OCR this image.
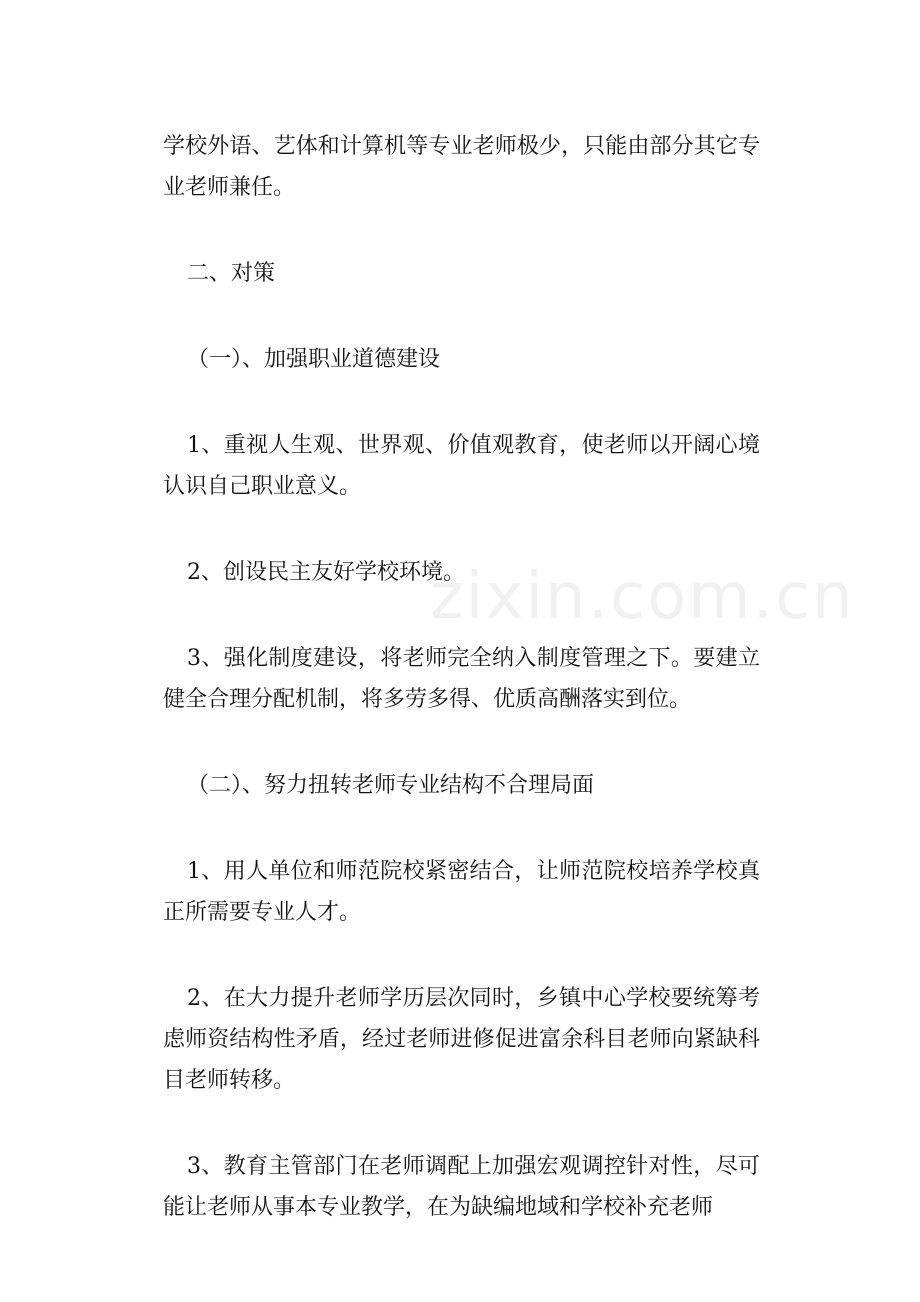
学校外语、艺体和计算机等专业老师极少，只能由部分其它专业老师兼任。

二、对策

（一）、加强职业道德建设

1、重视人生观、世界观、价值观教育，使老师以开阔心境认识自己职业意义。

2、创设民主友好学校环境。

3、强化制度建设，将老师完全纳入制度管理之下。要建立健全合理分配机制，将多劳多得、优质高酬落实到位。

（二）、努力扭转老师专业结构不合理局面

1、用人单位和师范院校紧密结合，让师范院校培养学校真正所需要专业人才。

2、在大力提升老师学历层次同时，乡镇中心学校要统筹考虑师资结构性矛盾，经过老师进修促进富余科目老师向紧缺科目老师转移。

3、教育主管部门在老师调配上加强宏观调控针对性，尽可能让老师从事本专业教学，在为缺编地域和学校补充老师

zixin.com.cn
